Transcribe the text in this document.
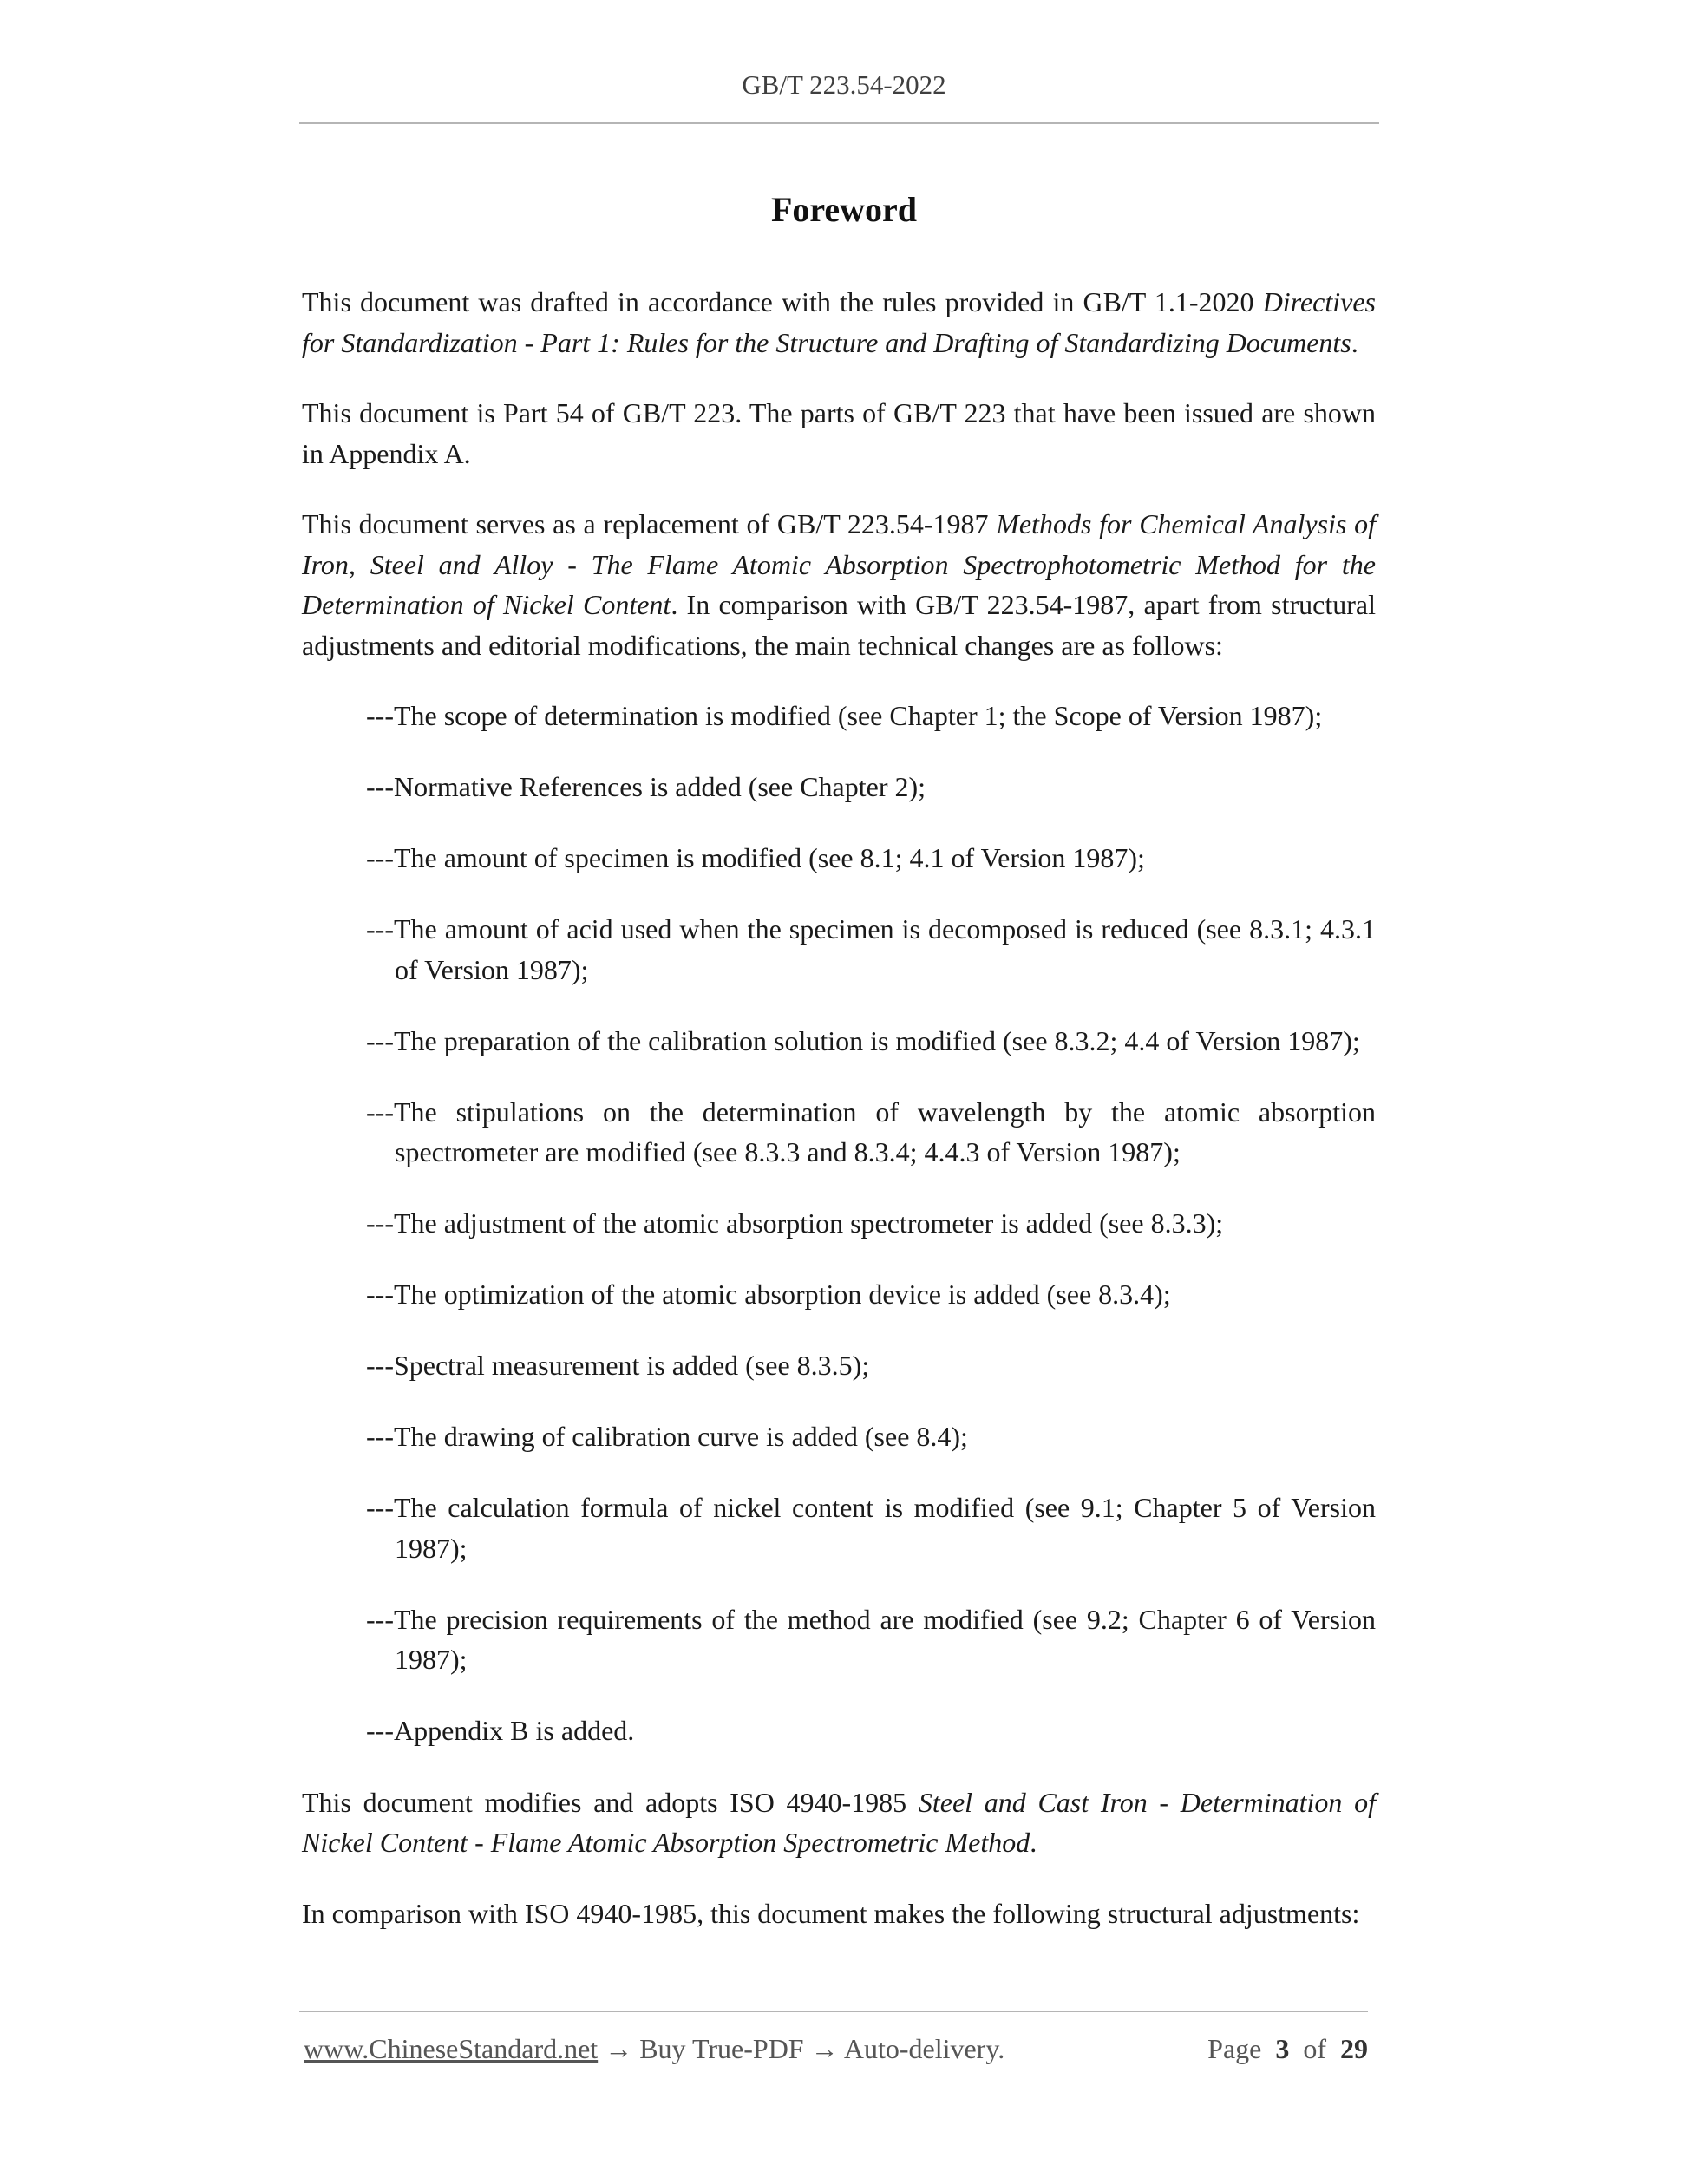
GB/T 223.54-2022
Foreword

This document was drafted in accordance with the rules provided in GB/T 1.1-2020 Directives for Standardization - Part 1: Rules for the Structure and Drafting of Standardizing Documents.

This document is Part 54 of GB/T 223. The parts of GB/T 223 that have been issued are shown in Appendix A.

This document serves as a replacement of GB/T 223.54-1987 Methods for Chemical Analysis of Iron, Steel and Alloy - The Flame Atomic Absorption Spectrophotometric Method for the Determination of Nickel Content. In comparison with GB/T 223.54-1987, apart from structural adjustments and editorial modifications, the main technical changes are as follows:

---The scope of determination is modified (see Chapter 1; the Scope of Version 1987);
---Normative References is added (see Chapter 2);
---The amount of specimen is modified (see 8.1; 4.1 of Version 1987);
---The amount of acid used when the specimen is decomposed is reduced (see 8.3.1; 4.3.1 of Version 1987);
---The preparation of the calibration solution is modified (see 8.3.2; 4.4 of Version 1987);
---The stipulations on the determination of wavelength by the atomic absorption spectrometer are modified (see 8.3.3 and 8.3.4; 4.4.3 of Version 1987);
---The adjustment of the atomic absorption spectrometer is added (see 8.3.3);
---The optimization of the atomic absorption device is added (see 8.3.4);
---Spectral measurement is added (see 8.3.5);
---The drawing of calibration curve is added (see 8.4);
---The calculation formula of nickel content is modified (see 9.1; Chapter 5 of Version 1987);
---The precision requirements of the method are modified (see 9.2; Chapter 6 of Version 1987);
---Appendix B is added.

This document modifies and adopts ISO 4940-1985 Steel and Cast Iron - Determination of Nickel Content - Flame Atomic Absorption Spectrometric Method.

In comparison with ISO 4940-1985, this document makes the following structural adjustments:

www.ChineseStandard.net → Buy True-PDF → Auto-delivery.	Page 3 of 29
